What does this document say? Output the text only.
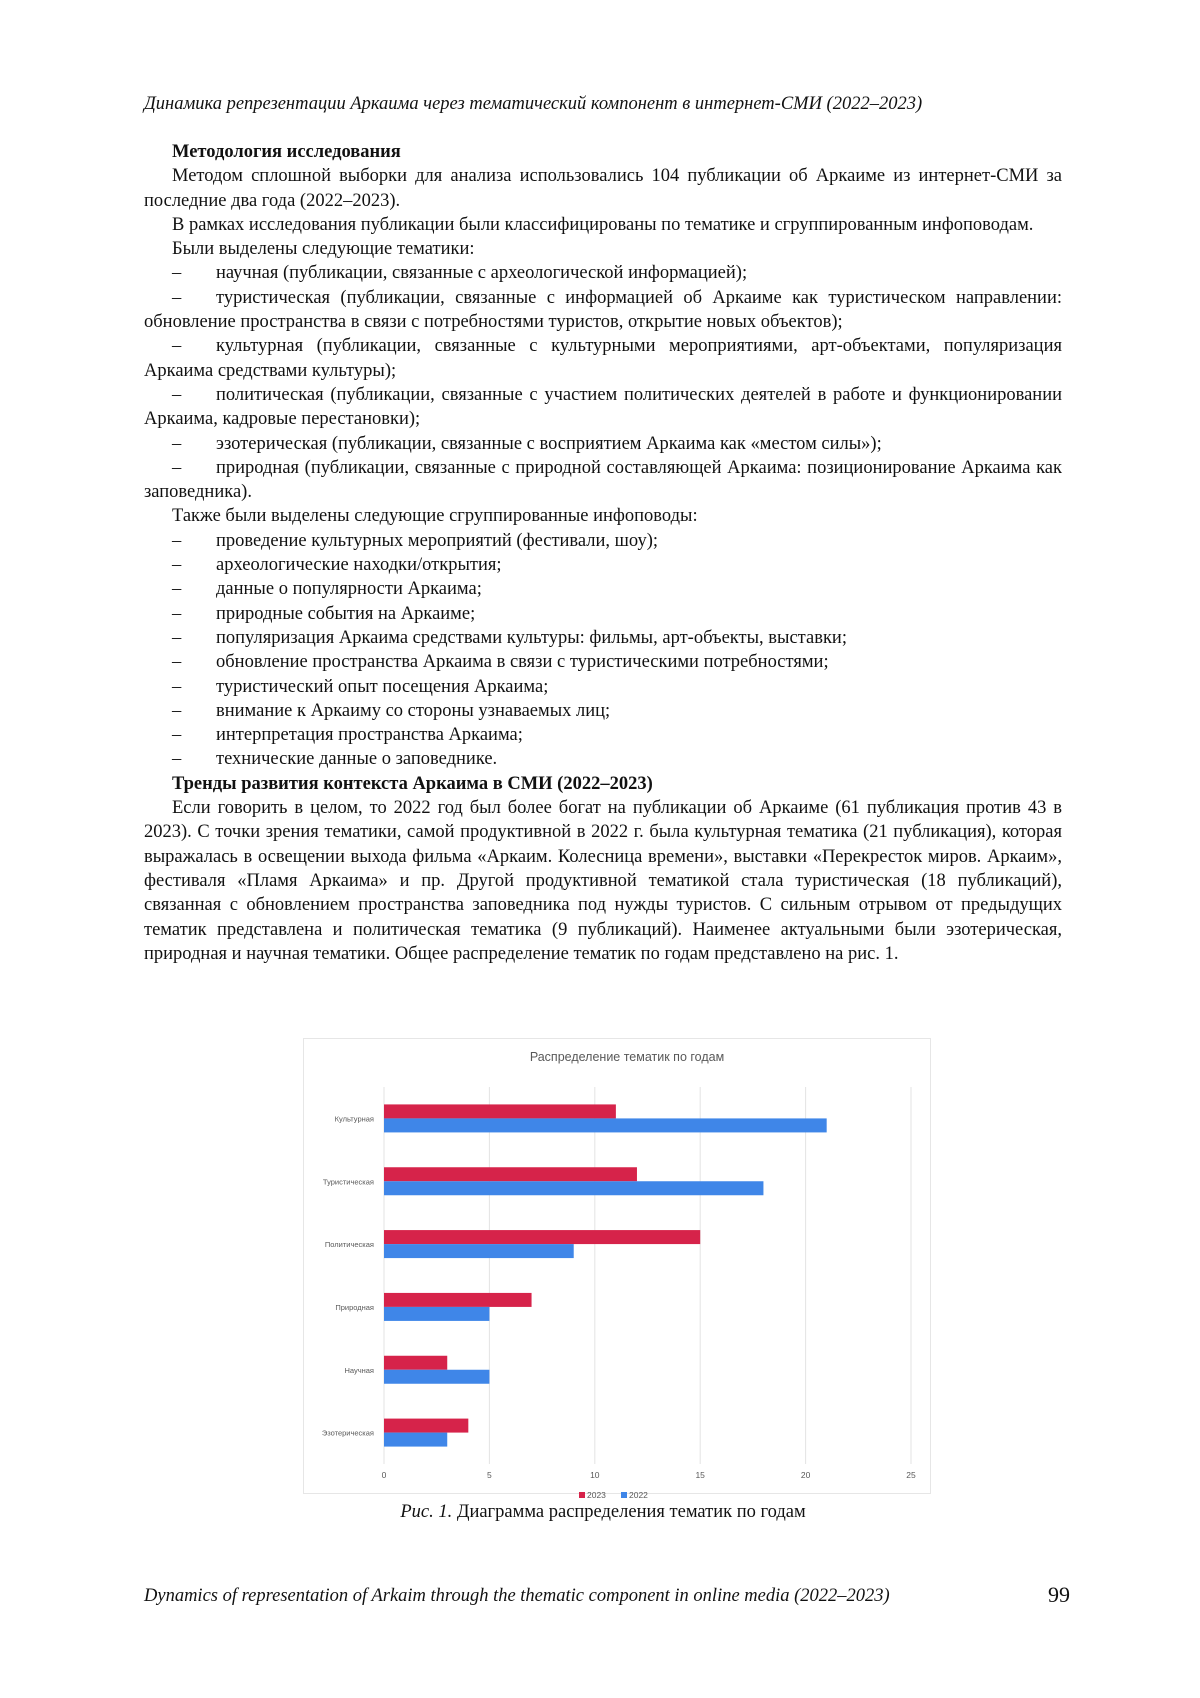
Динамика репрезентации Аркаима через тематический компонент в интернет-СМИ (2022–2023)
Методология исследования

Методом сплошной выборки для анализа использовались 104 публикации об Аркаиме из интернет-СМИ за последние два года (2022–2023).

В рамках исследования публикации были классифицированы по тематике и сгруппированным инфоповодам.

Были выделены следующие тематики:

– научная (публикации, связанные с археологической информацией);

– туристическая (публикации, связанные с информацией об Аркаиме как туристическом направлении: обновление пространства в связи с потребностями туристов, открытие новых объектов);

– культурная (публикации, связанные с культурными мероприятиями, арт-объектами, популяризация Аркаима средствами культуры);

– политическая (публикации, связанные с участием политических деятелей в работе и функционировании Аркаима, кадровые перестановки);

– эзотерическая (публикации, связанные с восприятием Аркаима как «местом силы»);

– природная (публикации, связанные с природной составляющей Аркаима: позиционирование Аркаима как заповедника).

Также были выделены следующие сгруппированные инфоповоды:

– проведение культурных мероприятий (фестивали, шоу);

– археологические находки/открытия;

– данные о популярности Аркаима;

– природные события на Аркаиме;

– популяризация Аркаима средствами культуры: фильмы, арт-объекты, выставки;

– обновление пространства Аркаима в связи с туристическими потребностями;

– туристический опыт посещения Аркаима;

– внимание к Аркаиму со стороны узнаваемых лиц;

– интерпретация пространства Аркаима;

– технические данные о заповеднике.

Тренды развития контекста Аркаима в СМИ (2022–2023)

Если говорить в целом, то 2022 год был более богат на публикации об Аркаиме (61 публикация против 43 в 2023). С точки зрения тематики, самой продуктивной в 2022 г. была культурная тематика (21 публикация), которая выражалась в освещении выхода фильма «Аркаим. Колесница времени», выставки «Перекресток миров. Аркаим», фестиваля «Пламя Аркаима» и пр. Другой продуктивной тематикой стала туристическая (18 публикаций), связанная с обновлением пространства заповедника под нужды туристов. С сильным отрывом от предыдущих тематик представлена и политическая тематика (9 публикаций). Наименее актуальными были эзотерическая, природная и научная тематики. Общее распределение тематик по годам представлено на рис. 1.

Распределение тематик по годам
0	5	10	15	20	25
Культурная
Туристическая
Политическая
Природная
Научная
Эзотерическая
2023	2022
Рис. 1. Диаграмма распределения тематик по годам
Dynamics of representation of Arkaim through the thematic component in online media (2022–2023)	99
